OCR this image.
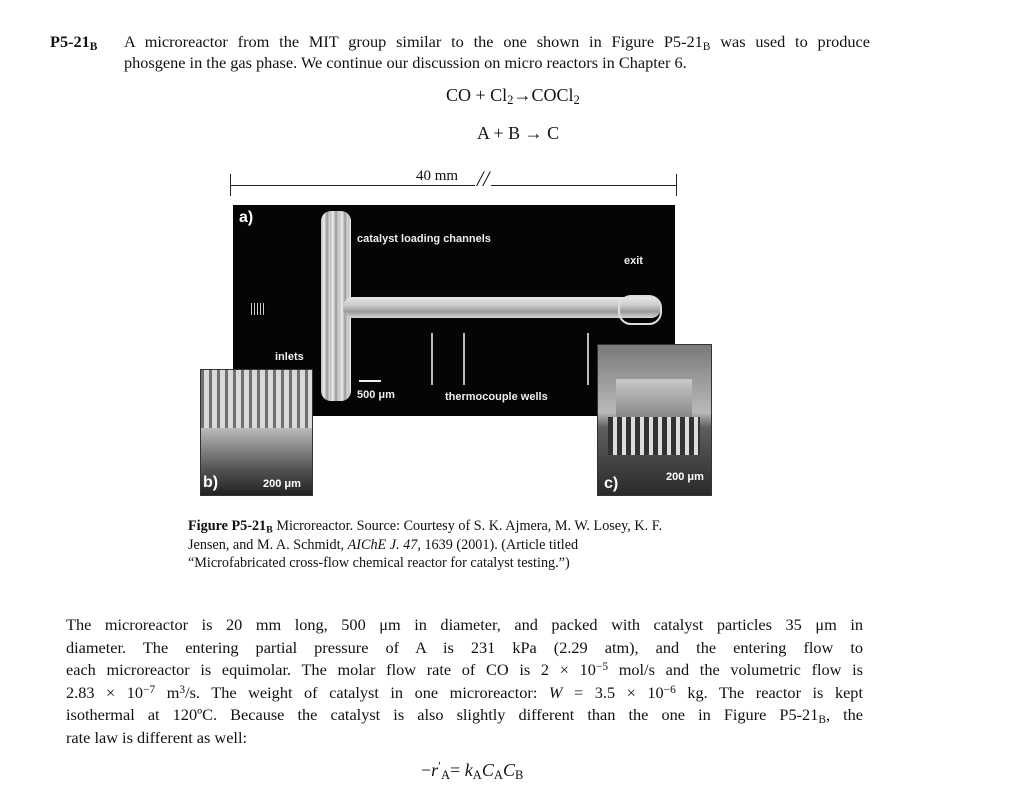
$P5-21_B$ A microreactor from the MIT group similar to the one shown in Figure $P5-21_B$ was used to produce
phosgene in the gas phase. We continue our discussion on micro reactors in Chapter 6.
CO + $Cl_2\to COCl_2$
A + B → C
40 mm //
a)
catalyst loading channels
exit
inlets
500 μm	thermocouple wells
b)	200 μm	c)	200 μm
Figure $P5-21_B$ Microreactor. Source: Courtesy of S. K. Ajmera, M. W. Losey, K. F.
Jensen, and M. A. Schmidt, AIChE J. 47, 1639 (2001). (Article titled
“Microfabricated cross-flow chemical reactor for catalyst testing.”)
The microreactor is 20 mm long, 500 μm in diameter, and packed with catalyst particles 35 μm in
diameter. The entering partial pressure of A is 231 kPa (2.29 atm), and the entering flow to
each microreactor is equimolar. The molar flow rate of CO is $2 \times 10^{-5}$ mol/s and the volumetric flow is
$2.83 \times 10^{-7}$ $m^3/s$. The weight of catalyst in one microreactor: $W = 3.5 \times 10^{-6}$ kg. The reactor is kept
isothermal at 120ºC. Because the catalyst is also slightly different than the one in Figure $P5-21_B$, the
rate law is different as well:
$-r'_A= k_AC_AC_B$
